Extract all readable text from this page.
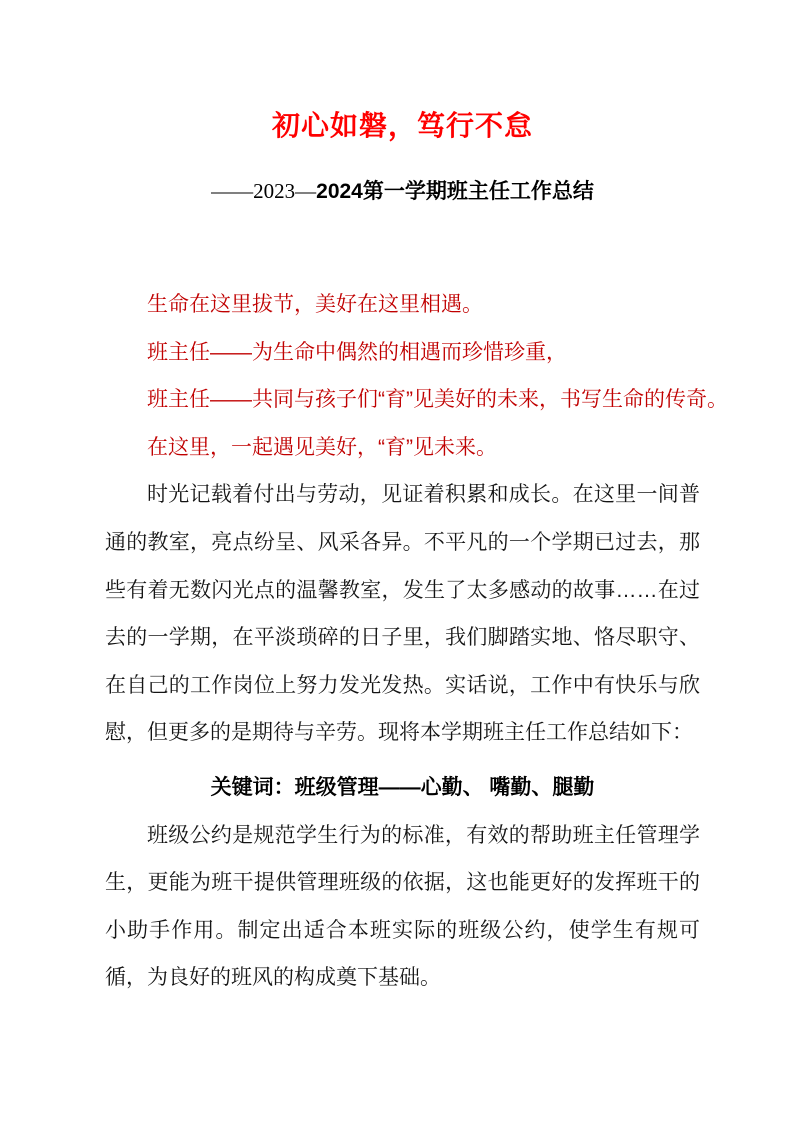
初心如磐，笃行不怠
——2023—2024第一学期班主任工作总结

生命在这里拔节，美好在这里相遇。

班主任——为生命中偶然的相遇而珍惜珍重，

班主任——共同与孩子们“育”见美好的未来，书写生命的传奇。

在这里，一起遇见美好，“育”见未来。

时光记载着付出与劳动，见证着积累和成长。在这里一间普通的教室，亮点纷呈、风采各异。不平凡的一个学期已过去，那些有着无数闪光点的温馨教室，发生了太多感动的故事……在过去的一学期，在平淡琐碎的日子里，我们脚踏实地、恪尽职守、在自己的工作岗位上努力发光发热。实话说，工作中有快乐与欣慰，但更多的是期待与辛劳。现将本学期班主任工作总结如下：

关键词：班级管理——心勤、 嘴勤、腿勤

班级公约是规范学生行为的标准，有效的帮助班主任管理学生，更能为班干提供管理班级的依据，这也能更好的发挥班干的小助手作用。制定出适合本班实际的班级公约，使学生有规可循，为良好的班风的构成奠下基础。
